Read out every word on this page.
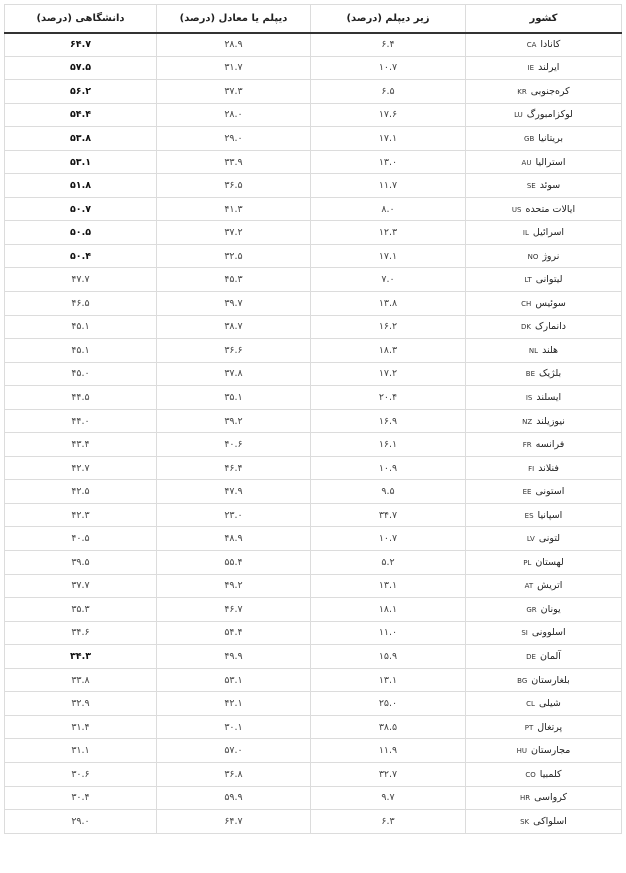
کشور	زیر دیپلم (درصد)	دیپلم یا معادل (درصد)	دانشگاهی (درصد)
کاناداCA	۶.۴	۲۸.۹	۶۴.۷
ایرلندIE	۱۰.۷	۳۱.۷	۵۷.۵
کره‌جنوبیKR	۶.۵	۳۷.۳	۵۶.۲
لوکزامبورگLU	۱۷.۶	۲۸.۰	۵۴.۴
بریتانیاGB	۱۷.۱	۲۹.۰	۵۳.۸
استرالیاAU	۱۳.۰	۳۳.۹	۵۳.۱
سوئدSE	۱۱.۷	۳۶.۵	۵۱.۸
ایالات متحدهUS	۸.۰	۴۱.۳	۵۰.۷
اسرائیلIL	۱۲.۳	۳۷.۲	۵۰.۵
نروژNO	۱۷.۱	۳۲.۵	۵۰.۴
لیتوانیLT	۷.۰	۴۵.۳	۴۷.۷
سوئیسCH	۱۳.۸	۳۹.۷	۴۶.۵
دانمارکDK	۱۶.۲	۳۸.۷	۴۵.۱
هلندNL	۱۸.۳	۳۶.۶	۴۵.۱
بلژیکBE	۱۷.۲	۳۷.۸	۴۵.۰
ایسلندIS	۲۰.۴	۳۵.۱	۴۴.۵
نیوزیلندNZ	۱۶.۹	۳۹.۲	۴۴.۰
فرانسهFR	۱۶.۱	۴۰.۶	۴۳.۴
فنلاندFI	۱۰.۹	۴۶.۴	۴۲.۷
استونیEE	۹.۵	۴۷.۹	۴۲.۵
اسپانیاES	۳۴.۷	۲۳.۰	۴۲.۳
لتونیLV	۱۰.۷	۴۸.۹	۴۰.۵
لهستانPL	۵.۲	۵۵.۴	۳۹.۵
اتریشAT	۱۳.۱	۴۹.۲	۳۷.۷
یونانGR	۱۸.۱	۴۶.۷	۳۵.۳
اسلوونیSI	۱۱.۰	۵۴.۴	۳۴.۶
آلمانDE	۱۵.۹	۴۹.۹	۳۴.۳
بلغارستانBG	۱۳.۱	۵۳.۱	۳۳.۸
شیلیCL	۲۵.۰	۴۲.۱	۳۲.۹
پرتغالPT	۳۸.۵	۳۰.۱	۳۱.۴
مجارستانHU	۱۱.۹	۵۷.۰	۳۱.۱
کلمبیاCO	۳۲.۷	۳۶.۸	۳۰.۶
کرواسیHR	۹.۷	۵۹.۹	۳۰.۴
اسلواکیSK	۶.۳	۶۴.۷	۲۹.۰
